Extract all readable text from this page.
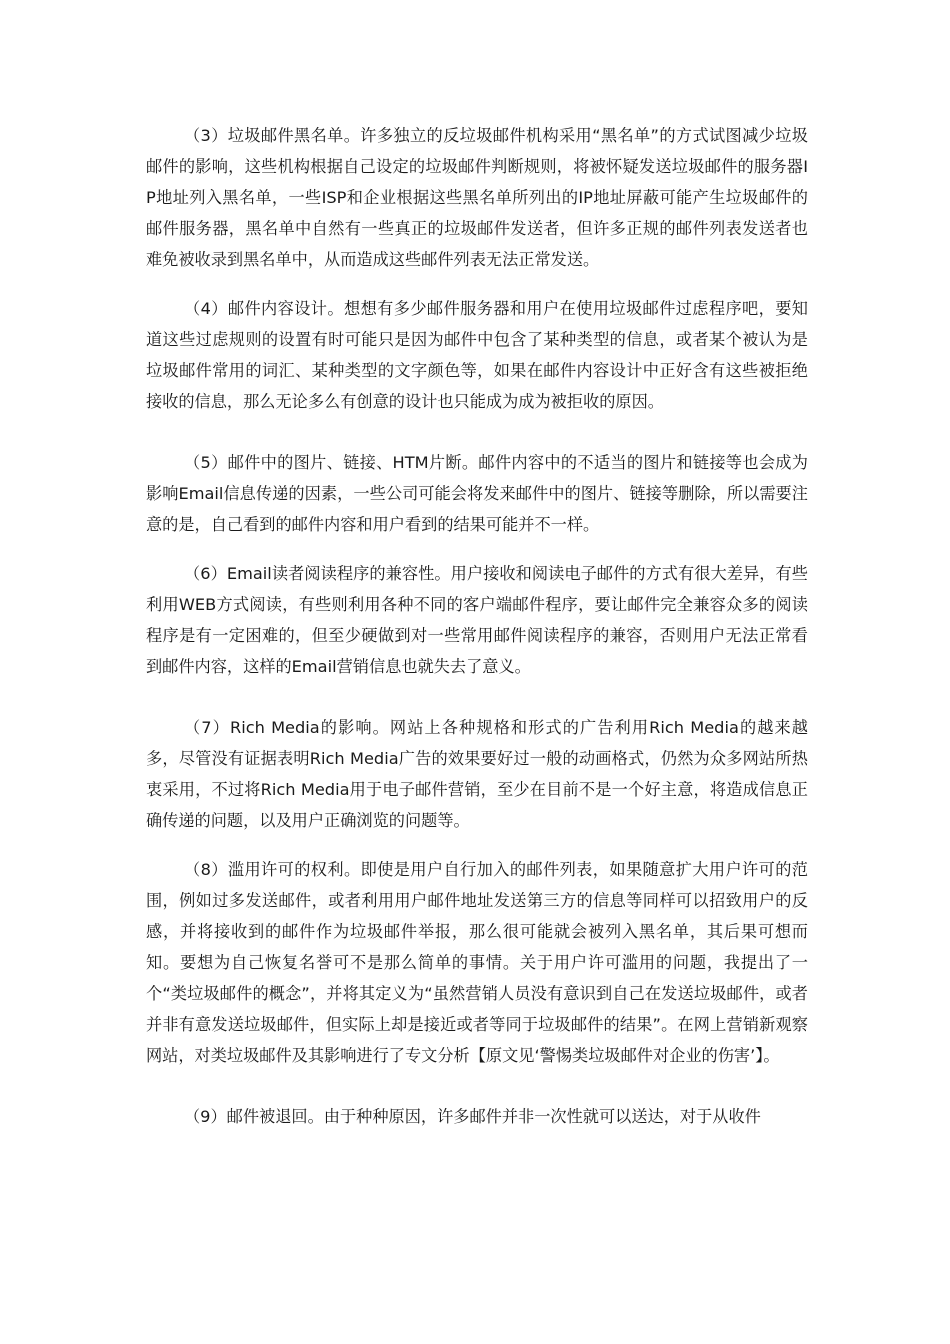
（3）垃圾邮件黑名单。许多独立的反垃圾邮件机构采用“黑名单”的方式试图减少垃圾邮件的影响，这些机构根据自己设定的垃圾邮件判断规则，将被怀疑发送垃圾邮件的服务器IP地址列入黑名单，一些ISP和企业根据这些黑名单所列出的IP地址屏蔽可能产生垃圾邮件的邮件服务器，黑名单中自然有一些真正的垃圾邮件发送者，但许多正规的邮件列表发送者也难免被收录到黑名单中，从而造成这些邮件列表无法正常发送。

（4）邮件内容设计。想想有多少邮件服务器和用户在使用垃圾邮件过虑程序吧，要知道这些过虑规则的设置有时可能只是因为邮件中包含了某种类型的信息，或者某个被认为是垃圾邮件常用的词汇、某种类型的文字颜色等，如果在邮件内容设计中正好含有这些被拒绝接收的信息，那么无论多么有创意的设计也只能成为成为被拒收的原因。

（5）邮件中的图片、链接、HTM片断。邮件内容中的不适当的图片和链接等也会成为影响Email信息传递的因素，一些公司可能会将发来邮件中的图片、链接等删除，所以需要注意的是，自己看到的邮件内容和用户看到的结果可能并不一样。

（6）Email读者阅读程序的兼容性。用户接收和阅读电子邮件的方式有很大差异，有些利用WEB方式阅读，有些则利用各种不同的客户端邮件程序，要让邮件完全兼容众多的阅读程序是有一定困难的，但至少硬做到对一些常用邮件阅读程序的兼容，否则用户无法正常看到邮件内容，这样的Email营销信息也就失去了意义。

（7）Rich Media的影响。网站上各种规格和形式的广告利用Rich Media的越来越多，尽管没有证据表明Rich Media广告的效果要好过一般的动画格式，仍然为众多网站所热衷采用，不过将Rich Media用于电子邮件营销，至少在目前不是一个好主意，将造成信息正确传递的问题，以及用户正确浏览的问题等。

（8）滥用许可的权利。即使是用户自行加入的邮件列表，如果随意扩大用户许可的范围，例如过多发送邮件，或者利用用户邮件地址发送第三方的信息等同样可以招致用户的反感，并将接收到的邮件作为垃圾邮件举报，那么很可能就会被列入黑名单，其后果可想而知。要想为自己恢复名誉可不是那么简单的事情。关于用户许可滥用的问题，我提出了一个“类垃圾邮件的概念”，并将其定义为“虽然营销人员没有意识到自己在发送垃圾邮件，或者并非有意发送垃圾邮件，但实际上却是接近或者等同于垃圾邮件的结果”。在网上营销新观察网站，对类垃圾邮件及其影响进行了专文分析【原文见‘警惕类垃圾邮件对企业的伤害’】。

（9）邮件被退回。由于种种原因，许多邮件并非一次性就可以送达，对于从收件
